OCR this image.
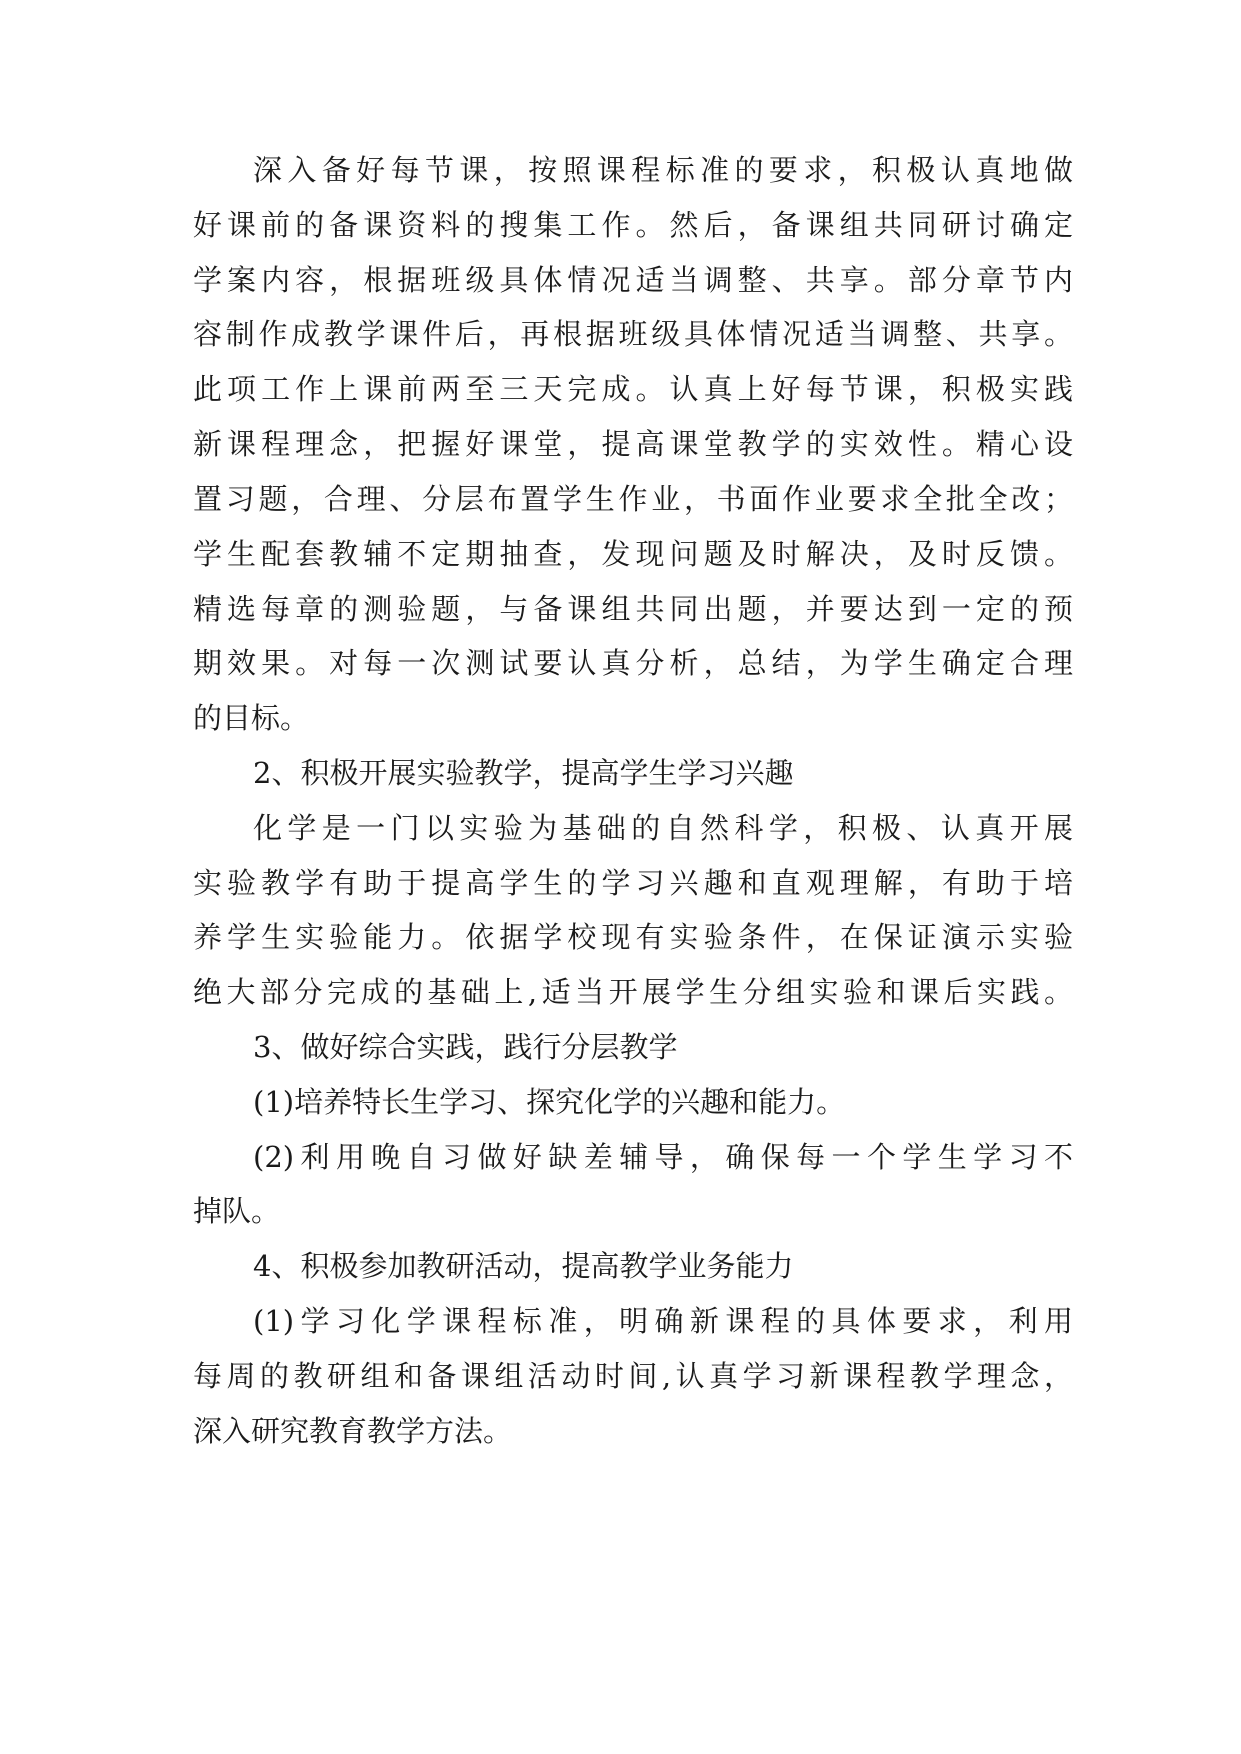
深入备好每节课，按照课程标准的要求，积极认真地做
好课前的备课资料的搜集工作。然后，备课组共同研讨确定
学案内容，根据班级具体情况适当调整、共享。部分章节内
容制作成教学课件后，再根据班级具体情况适当调整、共享。
此项工作上课前两至三天完成。认真上好每节课，积极实践
新课程理念，把握好课堂，提高课堂教学的实效性。精心设
置习题，合理、分层布置学生作业，书面作业要求全批全改；
学生配套教辅不定期抽查，发现问题及时解决，及时反馈。
精选每章的测验题，与备课组共同出题，并要达到一定的预
期效果。对每一次测试要认真分析，总结，为学生确定合理
的目标。
2、积极开展实验教学，提高学生学习兴趣
化学是一门以实验为基础的自然科学，积极、认真开展
实验教学有助于提高学生的学习兴趣和直观理解，有助于培
养学生实验能力。依据学校现有实验条件，在保证演示实验
绝大部分完成的基础上,适当开展学生分组实验和课后实践。
3、做好综合实践，践行分层教学
(1)培养特长生学习、探究化学的兴趣和能力。
(2)利用晚自习做好缺差辅导，确保每一个学生学习不
掉队。
4、积极参加教研活动，提高教学业务能力
(1)学习化学课程标准，明确新课程的具体要求，利用
每周的教研组和备课组活动时间,认真学习新课程教学理念，
深入研究教育教学方法。
